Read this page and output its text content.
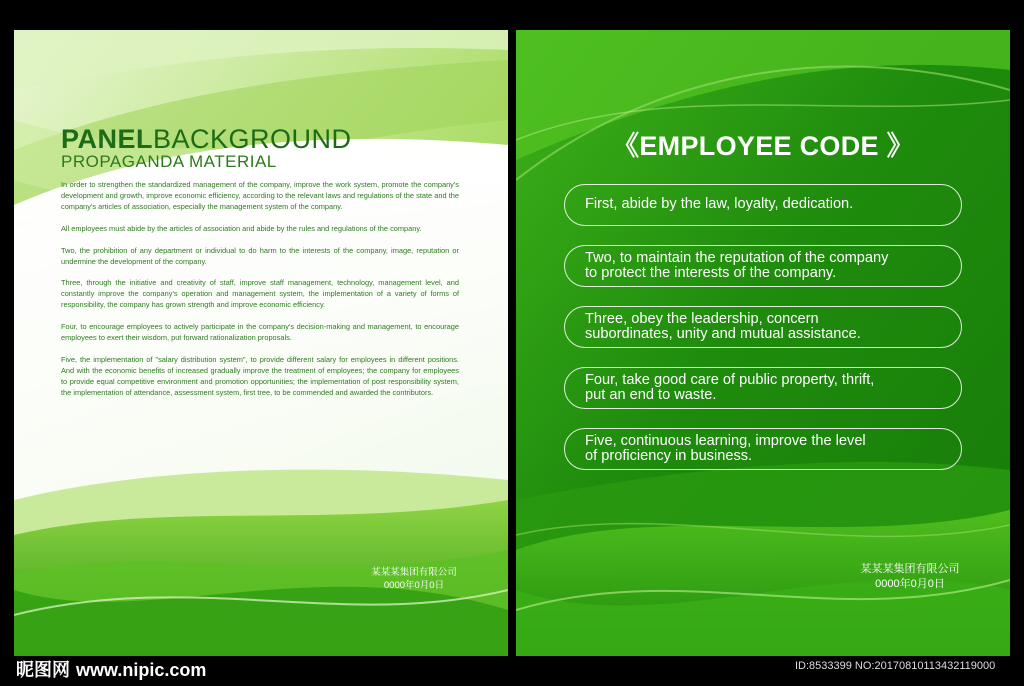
PANELBACKGROUND
PROPAGANDA MATERIAL

In order to strengthen the standardized management of the company, improve the work system, promote the company's development and growth, improve economic efficiency, according to the relevant laws and regulations of the state and the company's articles of association, especially the management system of the company.

All employees must abide by the articles of association and abide by the rules and regulations of the company.

Two, the prohibition of any department or individual to do harm to the interests of the company, image, reputation or undermine the development of the company.

Three, through the initiative and creativity of staff, improve staff management, technology, management level, and constantly improve the company's operation and management system, the implementation of a variety of forms of responsibility, the company has grown strength and improve economic efficiency.

Four, to encourage employees to actively participate in the company's decision-making and management, to encourage employees to exert their wisdom, put forward rationalization proposals.

Five, the implementation of "salary distribution system", to provide different salary for employees in different positions. And with the economic benefits of increased gradually improve the treatment of employees; the company for employees to provide equal competitive environment and promotion opportunities; the implementation of post responsibility system, the implementation of attendance, assessment system, first tree, to be commended and awarded the contributors.

某某某集团有限公司
0000年0月0日
《EMPLOYEE CODE 》
First, abide by the law, loyalty, dedication.
Two, to maintain the reputation of the company
to protect the interests of the company.
Three, obey the leadership, concern
subordinates, unity and mutual assistance.
Four, take good care of public property, thrift,
put an end to waste.
Five, continuous learning, improve the level
of proficiency in business.
某某某集团有限公司
0000年0月0日
昵图网 www.nipic.com	ID:8533399 NO:20170810113432119000
